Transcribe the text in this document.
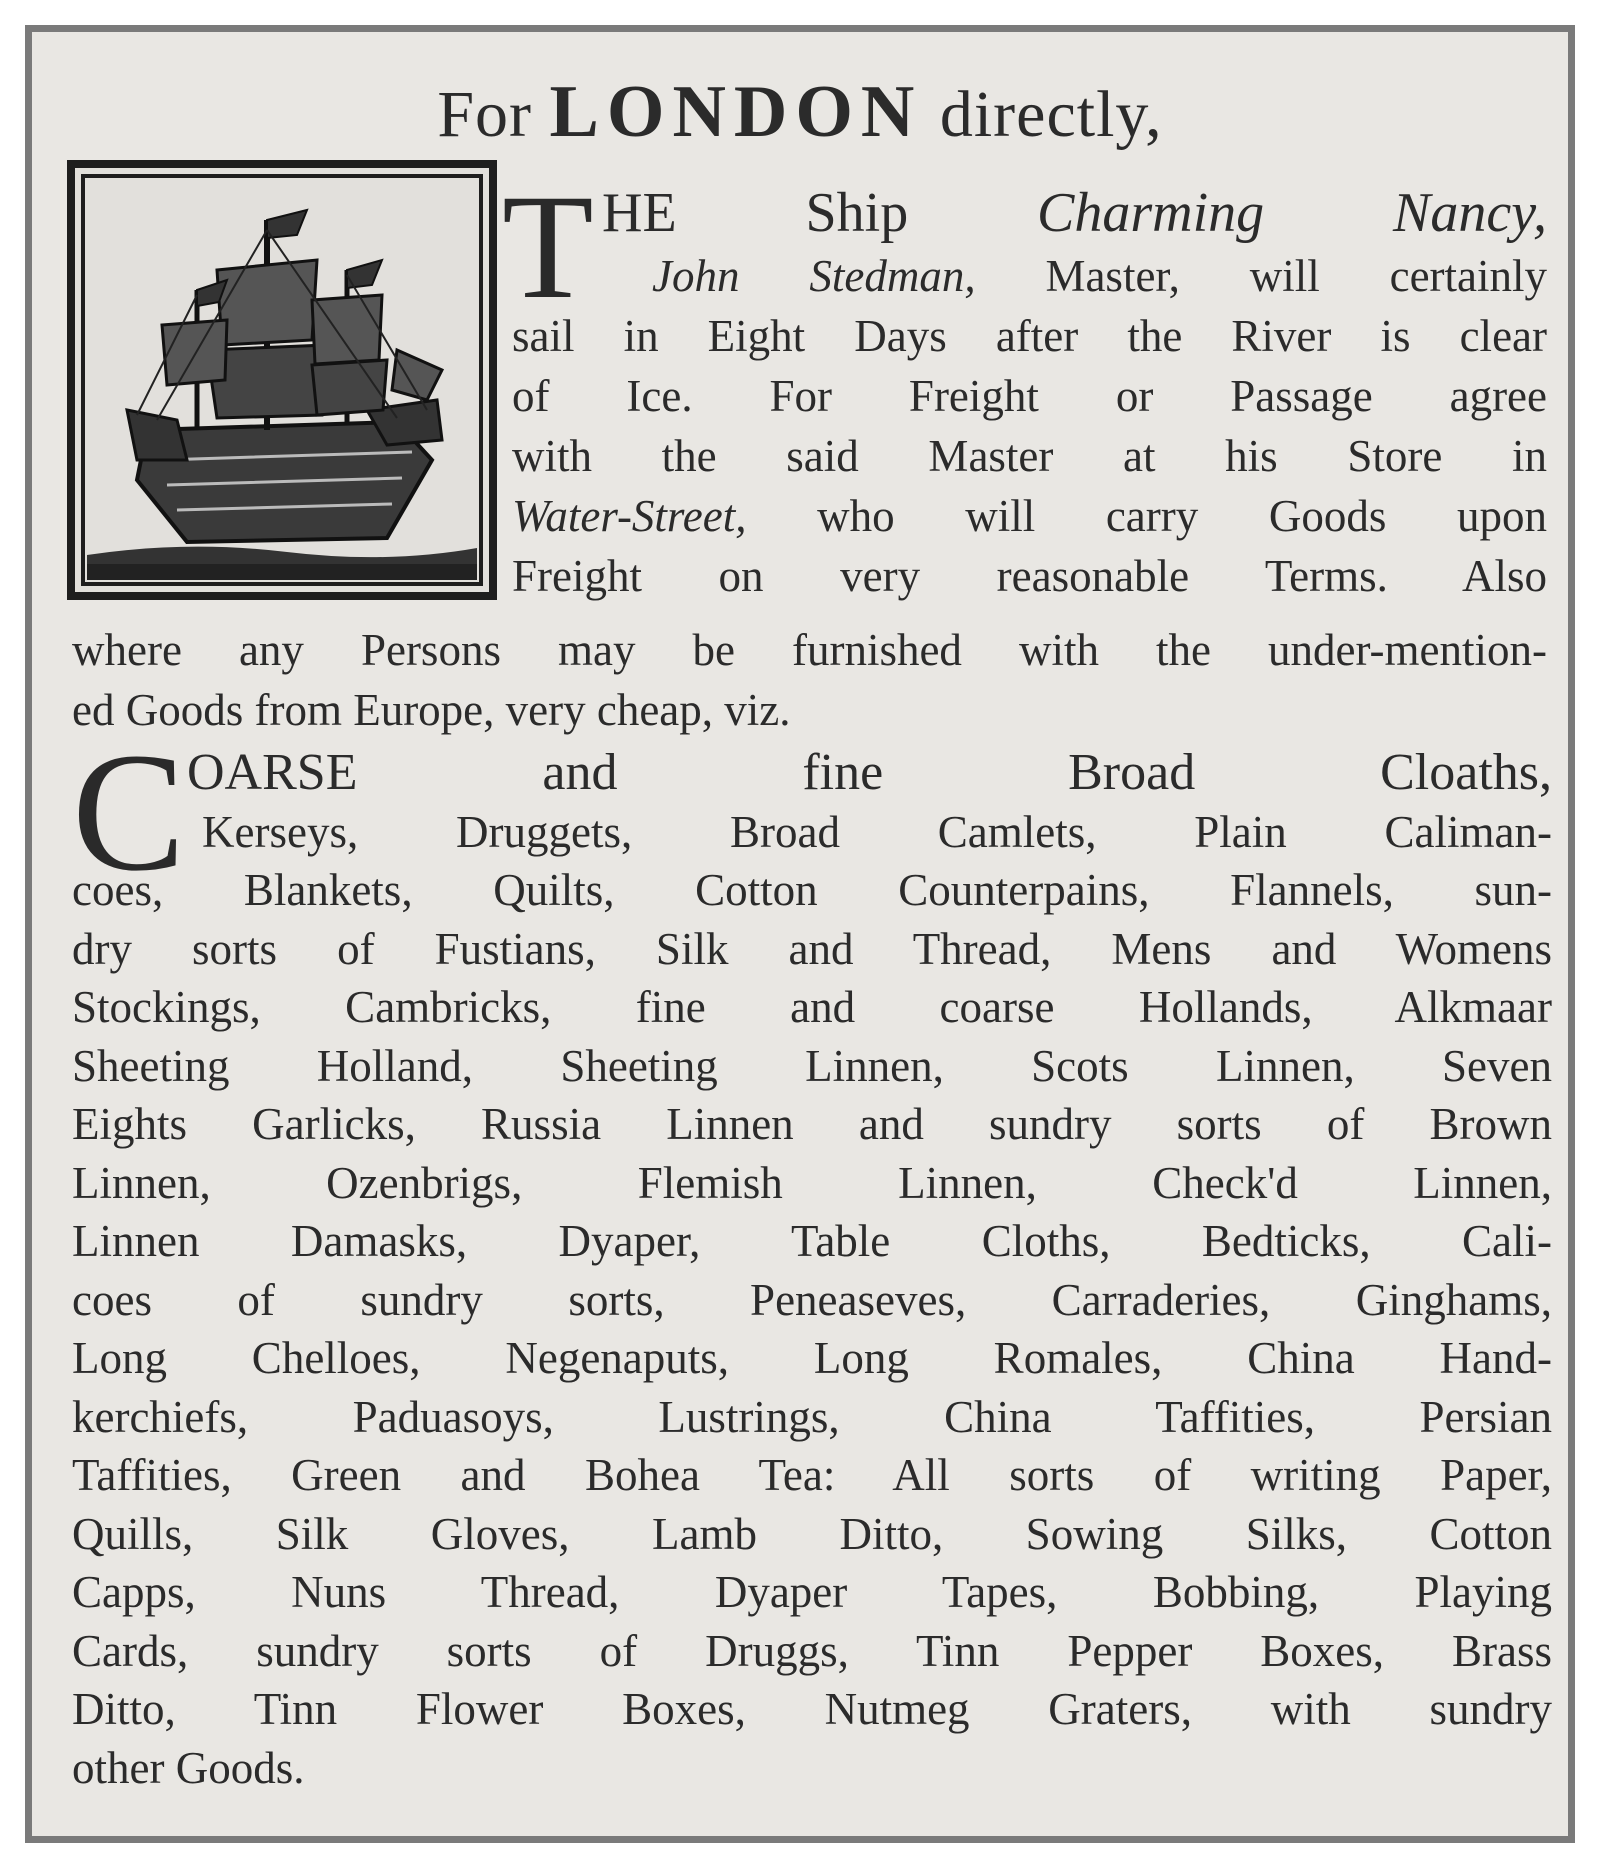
For LONDON directly,
T HE Ship Charming Nancy,
John Stedman, Master, will certainly
sail in Eight Days after the River is clear
of Ice. For Freight or Passage agree
with the said Master at his Store in
Water-Street, who will carry Goods upon
Freight on very reasonable Terms. Also
where any Persons may be furnished with the under-mention-
ed Goods from Europe, very cheap, viz.
C OARSE and fine Broad Cloaths,
Kerseys, Druggets, Broad Camlets, Plain Caliman-
coes, Blankets, Quilts, Cotton Counterpains, Flannels, sun-
dry sorts of Fustians, Silk and Thread, Mens and Womens
Stockings, Cambricks, fine and coarse Hollands, Alkmaar
Sheeting Holland, Sheeting Linnen, Scots Linnen, Seven
Eights Garlicks, Russia Linnen and sundry sorts of Brown
Linnen, Ozenbrigs, Flemish Linnen, Check'd Linnen,
Linnen Damasks, Dyaper, Table Cloths, Bedticks, Cali-
coes of sundry sorts, Peneaseves, Carraderies, Ginghams,
Long Chelloes, Negenaputs, Long Romales, China Hand-
kerchiefs, Paduasoys, Lustrings, China Taffities, Persian
Taffities, Green and Bohea Tea: All sorts of writing Paper,
Quills, Silk Gloves, Lamb Ditto, Sowing Silks, Cotton
Capps, Nuns Thread, Dyaper Tapes, Bobbing, Playing
Cards, sundry sorts of Druggs, Tinn Pepper Boxes, Brass
Ditto, Tinn Flower Boxes, Nutmeg Graters, with sundry
other Goods.
